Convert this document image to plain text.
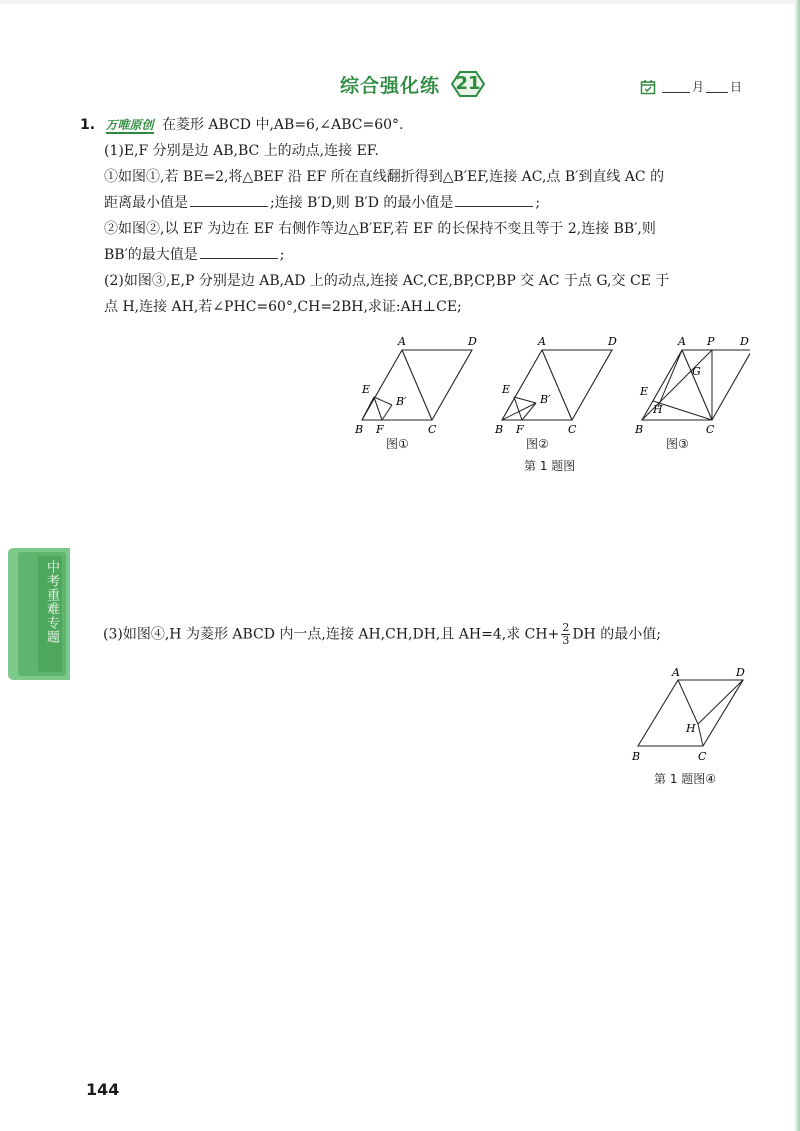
综合强化练 21	月 日
1. 万唯原创 在菱形 ABCD 中,AB=6,∠ABC=60°.
(1)E,F 分别是边 AB,BC 上的动点,连接 EF.
①如图①,若 BE=2,将△BEF 沿 EF 所在直线翻折得到△B′EF,连接 AC,点 B′到直线 AC 的
距离最小值是	;连接 B′D,则 B′D 的最小值是	;
②如图②,以 EF 为边在 EF 右侧作等边△B′EF,若 EF 的长保持不变且等于 2,连接 BB′,则
BB′的最大值是	;
(2)如图③,E,P 分别是边 AB,AD 上的动点,连接 AC,CE,BP,CP,BP 交 AC 于点 G,交 CE 于
点 H,连接 AH,若∠PHC=60°,CH=2BH,求证:AH⊥CE;
A	D
E
B′
B F	C
A	D
E
B′
B F	C
A P D
G
E
H
B	C
图①	图②	图③
第 1 题图
中考重难专题	(3)如图④,H 为菱形 ABCD 内一点,连接 AH,CH,DH,且 AH=4,求 $CH+ \frac{2}{3}$ DH 的最小值;
A	D
H
B	C
第 1 题图④
144
